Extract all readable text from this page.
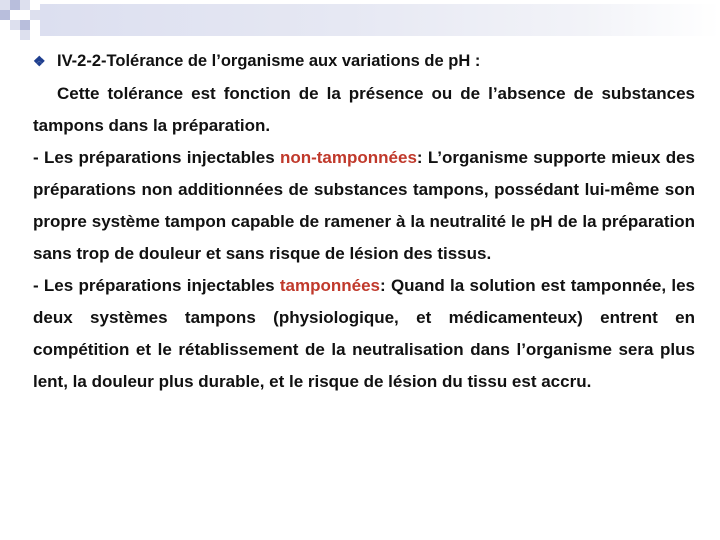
❖ IV-2-2-Tolérance de l’organisme aux variations de pH :
Cette tolérance est fonction de la présence ou de l’absence de substances tampons dans la préparation.
- Les préparations injectables non-tamponnées: L’organisme supporte mieux des préparations non additionnées de substances tampons, possédant lui-même son propre système tampon capable de ramener à la neutralité le pH de la préparation sans trop de douleur et sans risque de lésion des tissus.
- Les préparations injectables tamponnées: Quand la solution est tamponnée, les deux systèmes tampons (physiologique, et médicamenteux) entrent en compétition et le rétablissement de la neutralisation dans l’organisme sera plus lent, la douleur plus durable, et le risque de lésion du tissu est accru.
